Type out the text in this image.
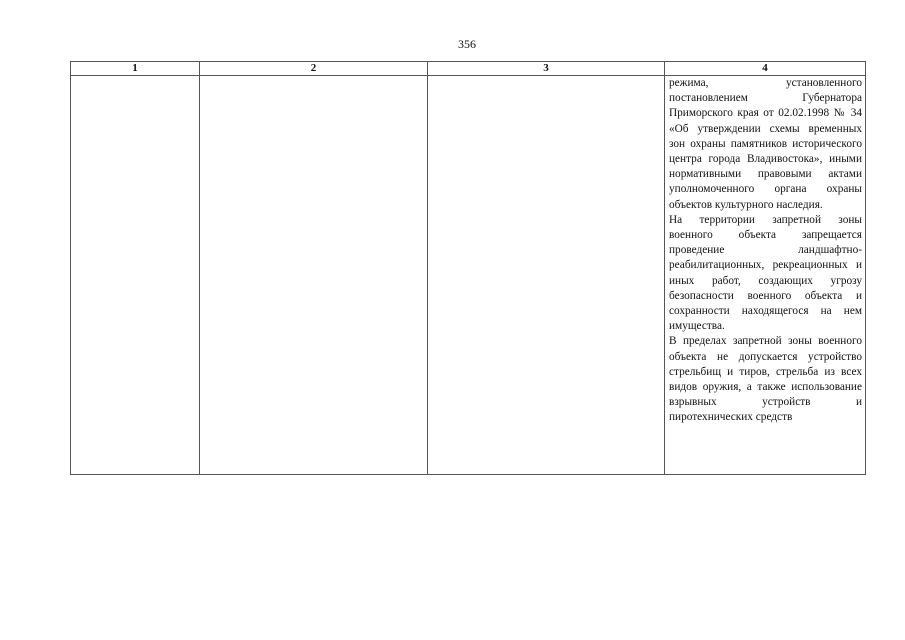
356
1	2	3	4

			режима, установленного постановлением Губернатора Приморского края от 02.02.1998 № 34 «Об утверждении схемы временных зон охраны памятников исторического центра города Владивостока», иными нормативными правовыми актами уполномоченного органа охраны объектов культурного наследия.

На территории запретной зоны военного объекта запрещается проведение ландшафтно-реабилитационных, рекреационных и иных работ, создающих угрозу безопасности военного объекта и сохранности находящегося на нем имущества.

В пределах запретной зоны военного объекта не допускается устройство стрельбищ и тиров, стрельба из всех видов оружия, а также использование взрывных устройств и пиротехнических средств
